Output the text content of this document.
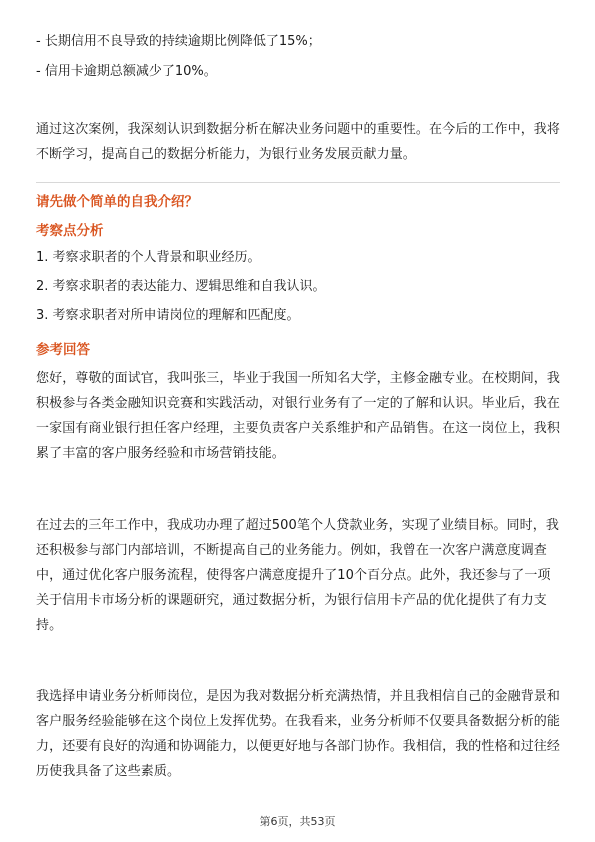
- 长期信用不良导致的持续逾期比例降低了15%；

- 信用卡逾期总额减少了10%。

通过这次案例，我深刻认识到数据分析在解决业务问题中的重要性。在今后的工作中，我将不断学习，提高自己的数据分析能力，为银行业务发展贡献力量。

请先做个简单的自我介绍？

考察点分析

1. 考察求职者的个人背景和职业经历。

2. 考察求职者的表达能力、逻辑思维和自我认识。

3. 考察求职者对所申请岗位的理解和匹配度。

参考回答

您好，尊敬的面试官，我叫张三，毕业于我国一所知名大学，主修金融专业。在校期间，我积极参与各类金融知识竞赛和实践活动，对银行业务有了一定的了解和认识。毕业后，我在一家国有商业银行担任客户经理，主要负责客户关系维护和产品销售。在这一岗位上，我积累了丰富的客户服务经验和市场营销技能。

在过去的三年工作中，我成功办理了超过500笔个人贷款业务，实现了业绩目标。同时，我还积极参与部门内部培训，不断提高自己的业务能力。例如，我曾在一次客户满意度调查中，通过优化客户服务流程，使得客户满意度提升了10个百分点。此外，我还参与了一项关于信用卡市场分析的课题研究，通过数据分析，为银行信用卡产品的优化提供了有力支持。

我选择申请业务分析师岗位，是因为我对数据分析充满热情，并且我相信自己的金融背景和客户服务经验能够在这个岗位上发挥优势。在我看来，业务分析师不仅要具备数据分析的能力，还要有良好的沟通和协调能力，以便更好地与各部门协作。我相信，我的性格和过往经历使我具备了这些素质。

第6页，共53页
